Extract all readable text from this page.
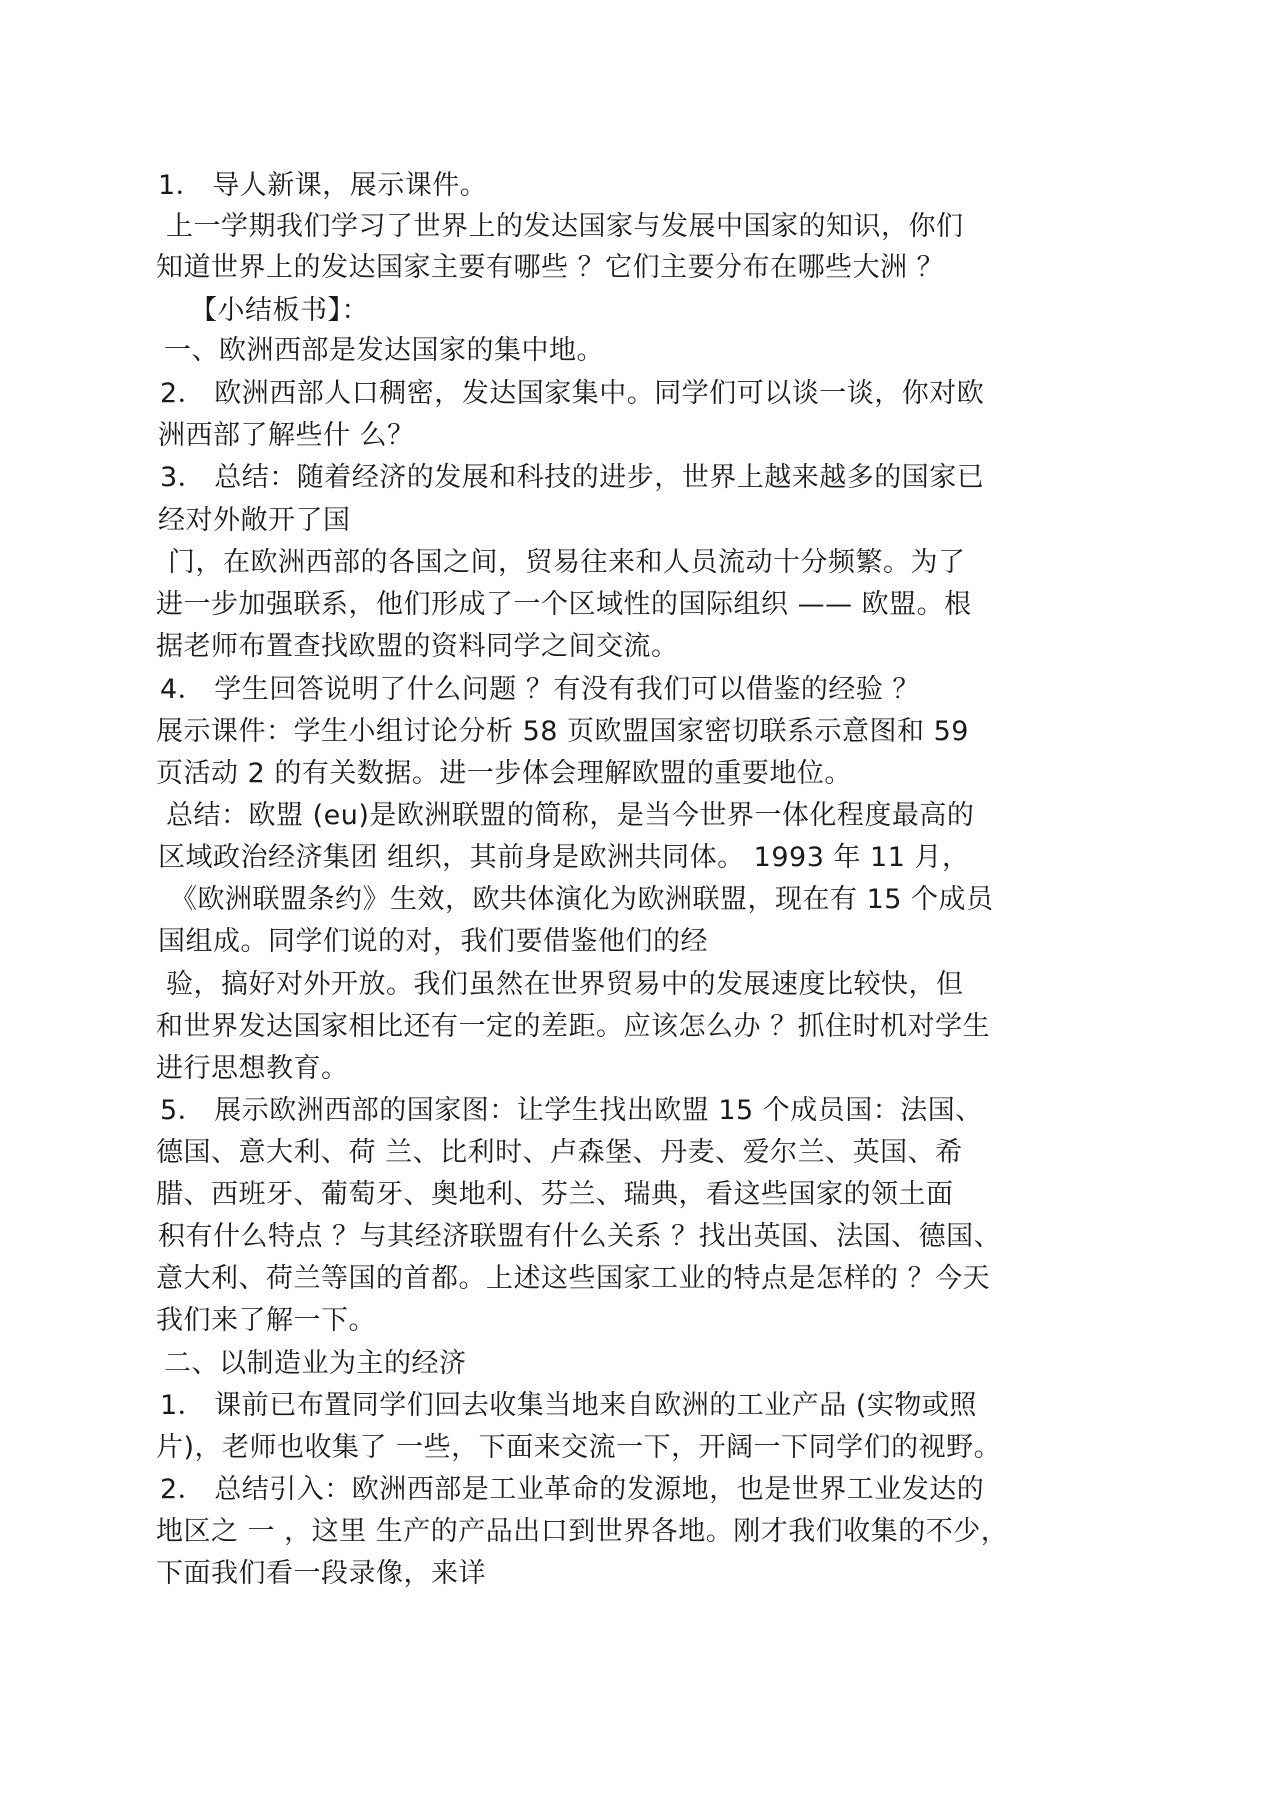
1． 导人新课，展示课件。
上一学期我们学习了世界上的发达国家与发展中国家的知识，你们
知道世界上的发达国家主要有哪些 ？它们主要分布在哪些大洲 ？
【小结板书】：
一、欧洲西部是发达国家的集中地。
2． 欧洲西部人口稠密，发达国家集中。同学们可以谈一谈，你对欧
洲西部了解些什 么？
3． 总结：随着经济的发展和科技的进步，世界上越来越多的国家已
经对外敞开了国
门，在欧洲西部的各国之间，贸易往来和人员流动十分频繁。为了
进一步加强联系，他们形成了一个区域性的国际组织 —— 欧盟。根
据老师布置查找欧盟的资料同学之间交流。
4． 学生回答说明了什么问题 ？有没有我们可以借鉴的经验 ？
展示课件：学生小组讨论分析 58 页欧盟国家密切联系示意图和 59
页活动 2 的有关数据。进一步体会理解欧盟的重要地位。
总结：欧盟 (eu)是欧洲联盟的简称，是当今世界一体化程度最高的
区域政治经济集团 组织，其前身是欧洲共同体。 1993 年 11 月，
《欧洲联盟条约》生效，欧共体演化为欧洲联盟，现在有 15 个成员
国组成。同学们说的对，我们要借鉴他们的经
验，搞好对外开放。我们虽然在世界贸易中的发展速度比较快，但
和世界发达国家相比还有一定的差距。应该怎么办 ？抓住时机对学生
进行思想教育。
5． 展示欧洲西部的国家图：让学生找出欧盟 15 个成员国：法国、
德国、意大利、荷 兰、比利时、卢森堡、丹麦、爱尔兰、英国、希
腊、西班牙、葡萄牙、奥地利、芬兰、瑞典，看这些国家的领土面
积有什么特点 ？与其经济联盟有什么关系 ？找出英国、法国、德国、
意大利、荷兰等国的首都。上述这些国家工业的特点是怎样的 ？今天
我们来了解一下。
二、以制造业为主的经济
1． 课前已布置同学们回去收集当地来自欧洲的工业产品 (实物或照
片)，老师也收集了 一些，下面来交流一下，开阔一下同学们的视野。
2． 总结引入：欧洲西部是工业革命的发源地，也是世界工业发达的
地区之 一 ，这里 生产的产品出口到世界各地。刚才我们收集的不少，
下面我们看一段录像，来详
